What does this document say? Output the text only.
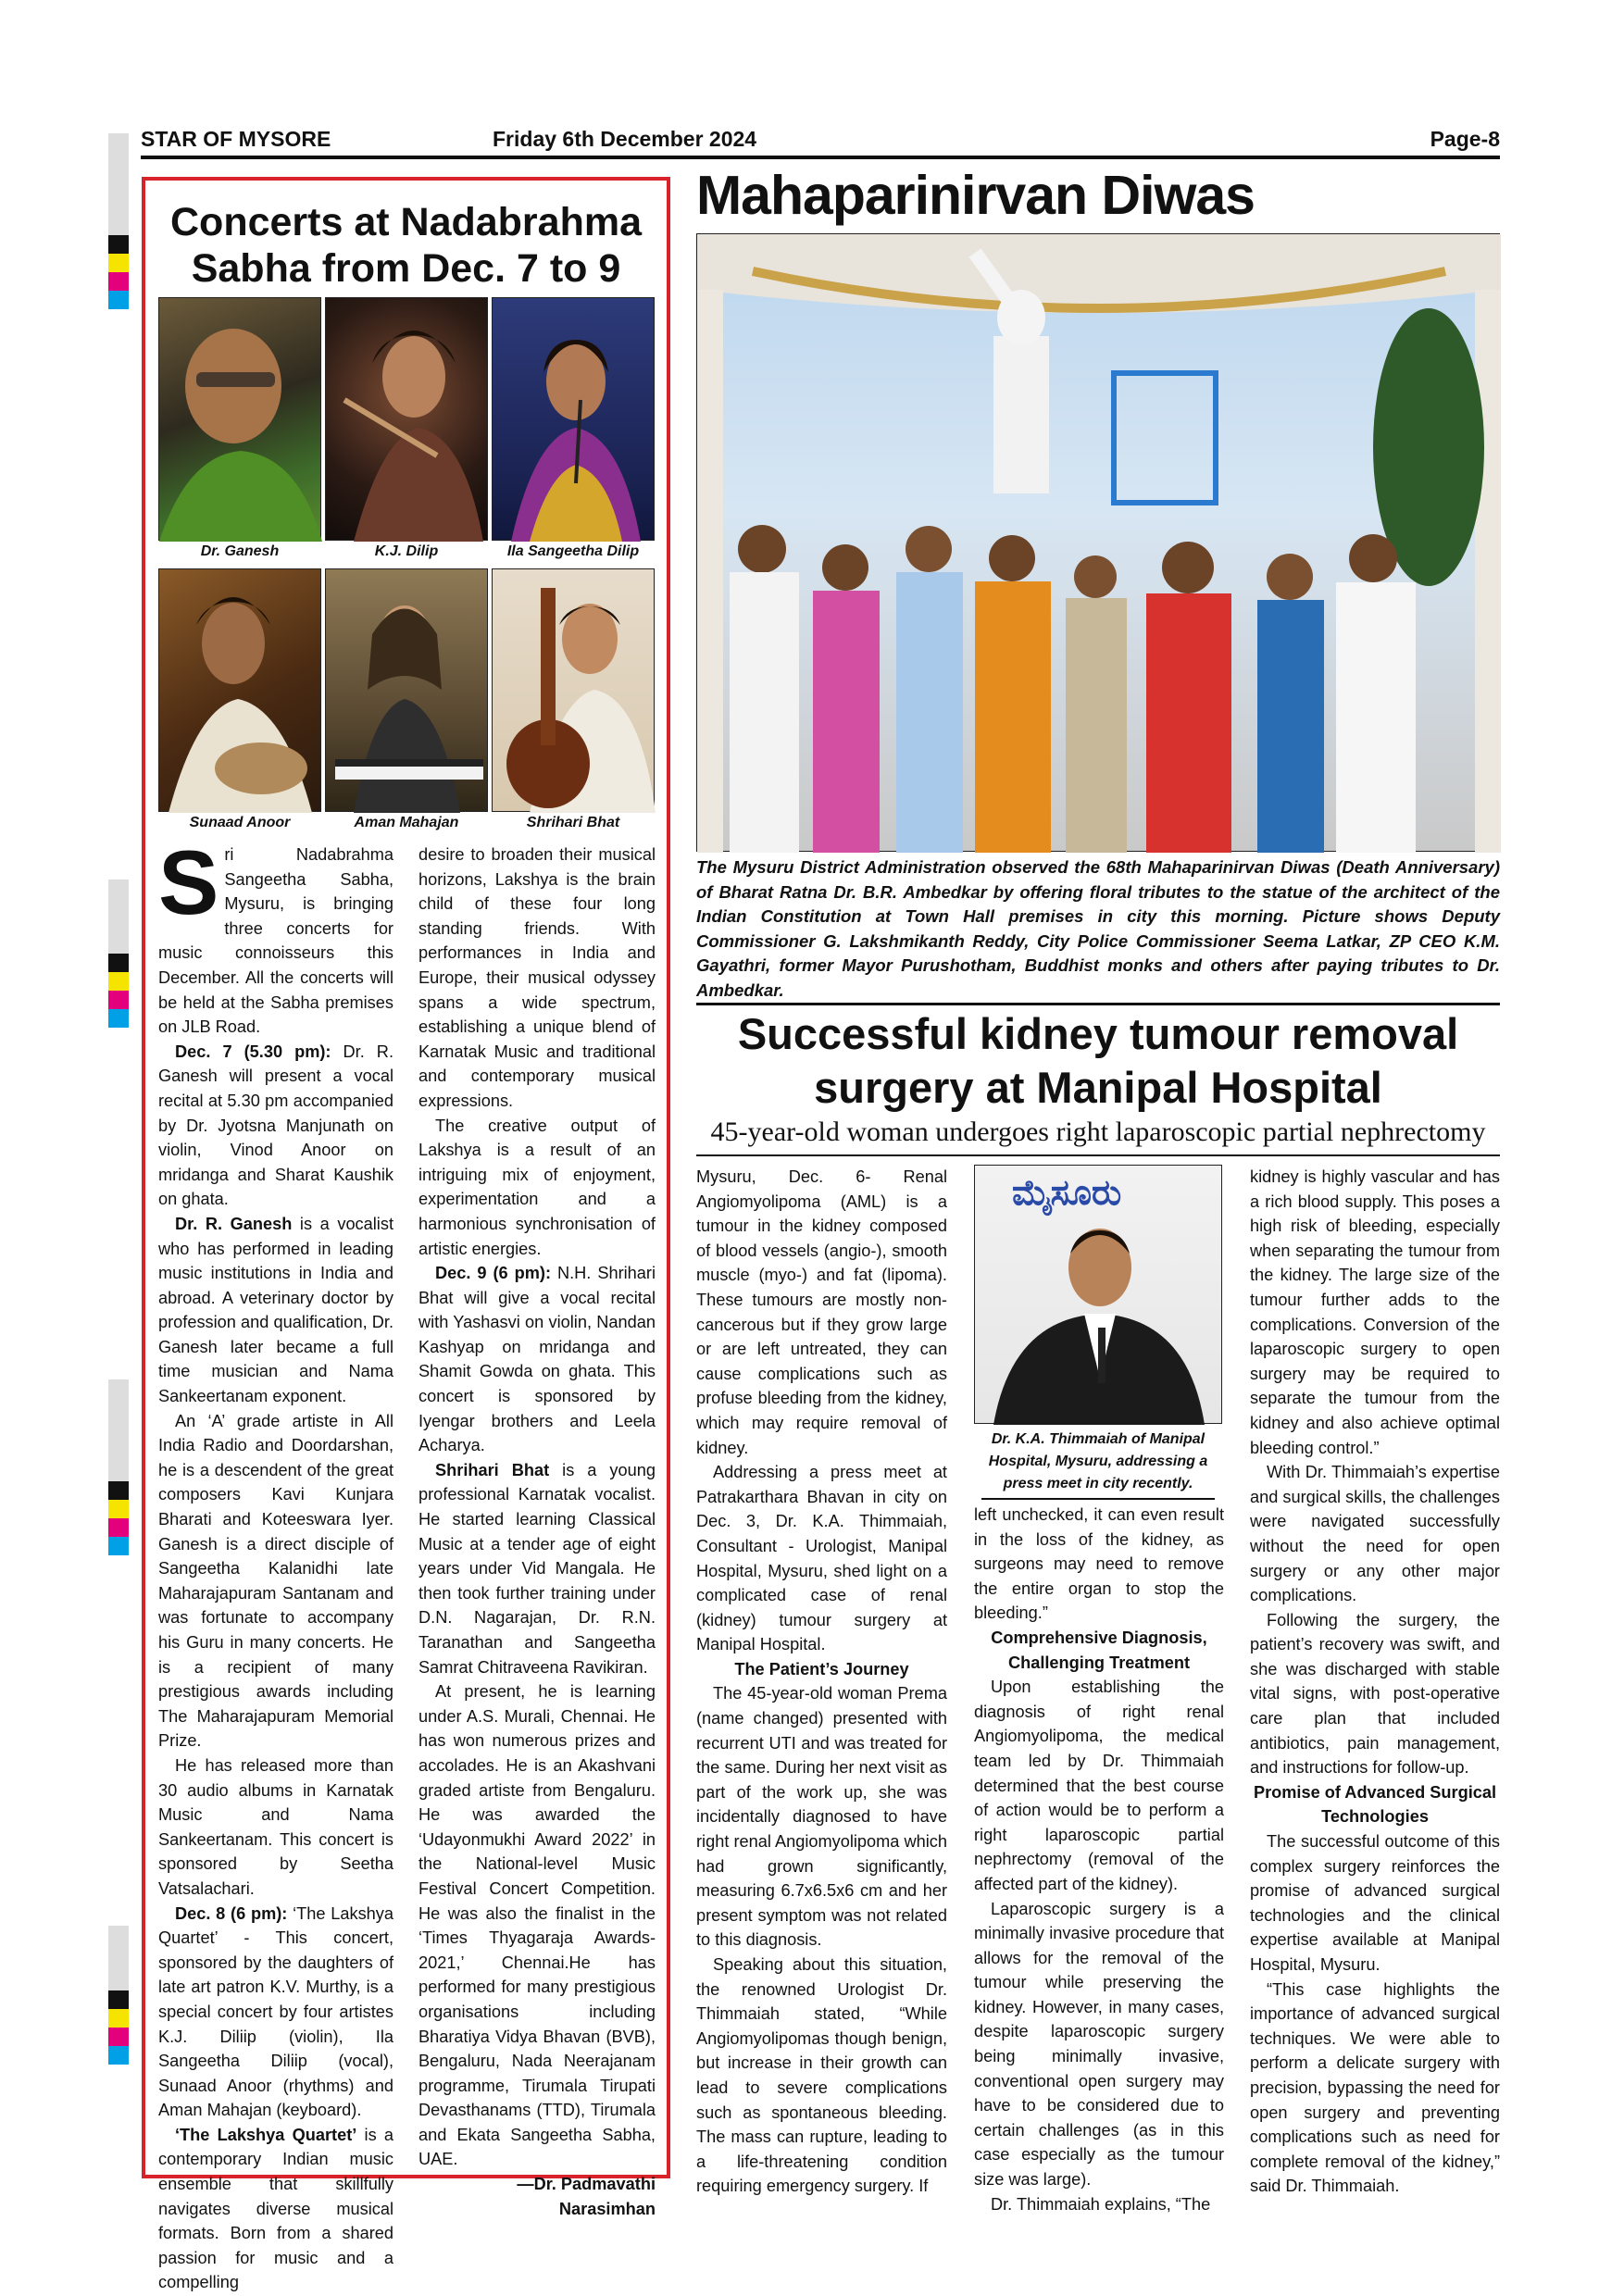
STAR OF MYSORE	Friday 6th December 2024	Page-8
Concerts at Nadabrahma Sabha from Dec. 7 to 9
Dr. Ganesh	K.J. Dilip	Ila Sangeetha Dilip
Sunaad Anoor	Aman Mahajan	Shrihari Bhat

Sri Nadabrahma Sangeetha Sabha, Mysuru, is bringing three concerts for music connoisseurs this December. All the concerts will be held at the Sabha premises on JLB Road.

Dec. 7 (5.30 pm): Dr. R. Ganesh will present a vocal recital at 5.30 pm accompanied by Dr. Jyotsna Manjunath on violin, Vinod Anoor on mridanga and Sharat Kaushik on ghata.

Dr. R. Ganesh is a vocalist who has performed in leading music institutions in India and abroad. A veterinary doctor by profession and qualification, Dr. Ganesh later became a full time musician and Nama Sankeertanam exponent.

An ‘A’ grade artiste in All India Radio and Doordarshan, he is a descendent of the great composers Kavi Kunjara Bharati and Koteeswara Iyer. Ganesh is a direct disciple of Sangeetha Kalanidhi late Maharajapuram Santanam and was fortunate to accompany his Guru in many concerts. He is a recipient of many prestigious awards including The Maharajapuram Memorial Prize.

He has released more than 30 audio albums in Karnatak Music and Nama Sankeertanam. This concert is sponsored by Seetha Vatsalachari.

Dec. 8 (6 pm): ‘The Lakshya Quartet’ - This concert, sponsored by the daughters of late art patron K.V. Murthy, is a special concert by four artistes K.J. Diliip (violin), Ila Sangeetha Diliip (vocal), Sunaad Anoor (rhythms) and Aman Mahajan (keyboard).

‘The Lakshya Quartet’ is a contemporary Indian music ensemble that skillfully navigates diverse musical formats. Born from a shared passion for music and a compelling

desire to broaden their musical horizons, Lakshya is the brain child of these four long standing friends. With performances in India and Europe, their musical odyssey spans a wide spectrum, establishing a unique blend of Karnatak Music and traditional and contemporary musical expressions.

The creative output of Lakshya is a result of an intriguing mix of enjoyment, experimentation and a harmonious synchronisation of artistic energies.

Dec. 9 (6 pm): N.H. Shrihari Bhat will give a vocal recital with Yashasvi on violin, Nandan Kashyap on mridanga and Shamit Gowda on ghata. This concert is sponsored by Iyengar brothers and Leela Acharya.

Shrihari Bhat is a young professional Karnatak vocalist. He started learning Classical Music at a tender age of eight years under Vid Mangala. He then took further training under D.N. Nagarajan, Dr. R.N. Taranathan and Sangeetha Samrat Chitraveena Ravikiran.

At present, he is learning under A.S. Murali, Chennai. He has won numerous prizes and accolades. He is an Akashvani graded artiste from Bengaluru. He was awarded the ‘Udayonmukhi Award 2022’ in the National-level Music Festival Concert Competition. He was also the finalist in the ‘Times Thyagaraja Awards-2021,’ Chennai.He has performed for many prestigious organisations including Bharatiya Vidya Bhavan (BVB), Bengaluru, Nada Neerajanam programme, Tirumala Tirupati Devasthanams (TTD), Tirumala and Ekata Sangeetha Sabha, UAE.

—Dr. Padmavathi

Narasimhan

Mahaparinirvan Diwas
The Mysuru District Administration observed the 68th Mahaparinirvan Diwas (Death Anniversary) of Bharat Ratna Dr. B.R. Ambedkar by offering floral tributes to the statue of the architect of the Indian Constitution at Town Hall premises in city this morning. Picture shows Deputy Commissioner G. Lakshmikanth Reddy, City Police Commissioner Seema Latkar, ZP CEO K.M. Gayathri, former Mayor Purushotham, Buddhist monks and others after paying tributes to Dr. Ambedkar.
Successful kidney tumour removal surgery at Manipal Hospital
45-year-old woman undergoes right laparoscopic partial nephrectomy

Mysuru, Dec. 6- Renal Angiomyolipoma (AML) is a tumour in the kidney composed of blood vessels (angio-), smooth muscle (myo-) and fat (lipoma). These tumours are mostly non-cancerous but if they grow large or are left untreated, they can cause complications such as profuse bleeding from the kidney, which may require removal of kidney.

Addressing a press meet at Patrakarthara Bhavan in city on Dec. 3, Dr. K.A. Thimmaiah, Consultant - Urologist, Manipal Hospital, Mysuru, shed light on a complicated case of renal (kidney) tumour surgery at Manipal Hospital.

The Patient’s Journey

The 45-year-old woman Prema (name changed) presented with recurrent UTI and was treated for the same. During her next visit as part of the work up, she was incidentally diagnosed to have right renal Angiomyolipoma which had grown significantly, measuring 6.7x6.5x6 cm and her present symptom was not related to this diagnosis.

Speaking about this situation, the renowned Urologist Dr. Thimmaiah stated, “While Angiomyolipomas though benign, but increase in their growth can lead to severe complications such as spontaneous bleeding. The mass can rupture, leading to a life-threatening condition requiring emergency surgery. If

ಮೈಸೂರು
Dr. K.A. Thimmaiah of Manipal Hospital, Mysuru, addressing a press meet in city recently.

left unchecked, it can even result in the loss of the kidney, as surgeons may need to remove the entire organ to stop the bleeding.”

Comprehensive Diagnosis, Challenging Treatment

Upon establishing the diagnosis of right renal Angiomyolipoma, the medical team led by Dr. Thimmaiah determined that the best course of action would be to perform a right laparoscopic partial nephrectomy (removal of the affected part of the kidney).

Laparoscopic surgery is a minimally invasive procedure that allows for the removal of the tumour while preserving the kidney. However, in many cases, despite laparoscopic surgery being minimally invasive, conventional open surgery may have to be considered due to certain challenges (as in this case especially as the tumour size was large).

Dr. Thimmaiah explains, “The

kidney is highly vascular and has a rich blood supply. This poses a high risk of bleeding, especially when separating the tumour from the kidney. The large size of the tumour further adds to the complications. Conversion of the laparoscopic surgery to open surgery may be required to separate the tumour from the kidney and also achieve optimal bleeding control.”

With Dr. Thimmaiah’s expertise and surgical skills, the challenges were navigated successfully without the need for open surgery or any other major complications.

Following the surgery, the patient’s recovery was swift, and she was discharged with stable vital signs, with post-operative care plan that included antibiotics, pain management, and instructions for follow-up.

Promise of Advanced Surgical Technologies

The successful outcome of this complex surgery reinforces the promise of advanced surgical technologies and the clinical expertise available at Manipal Hospital, Mysuru.

“This case highlights the importance of advanced surgical techniques. We were able to perform a delicate surgery with precision, bypassing the need for open surgery and preventing complications such as need for complete removal of the kidney,” said Dr. Thimmaiah.
